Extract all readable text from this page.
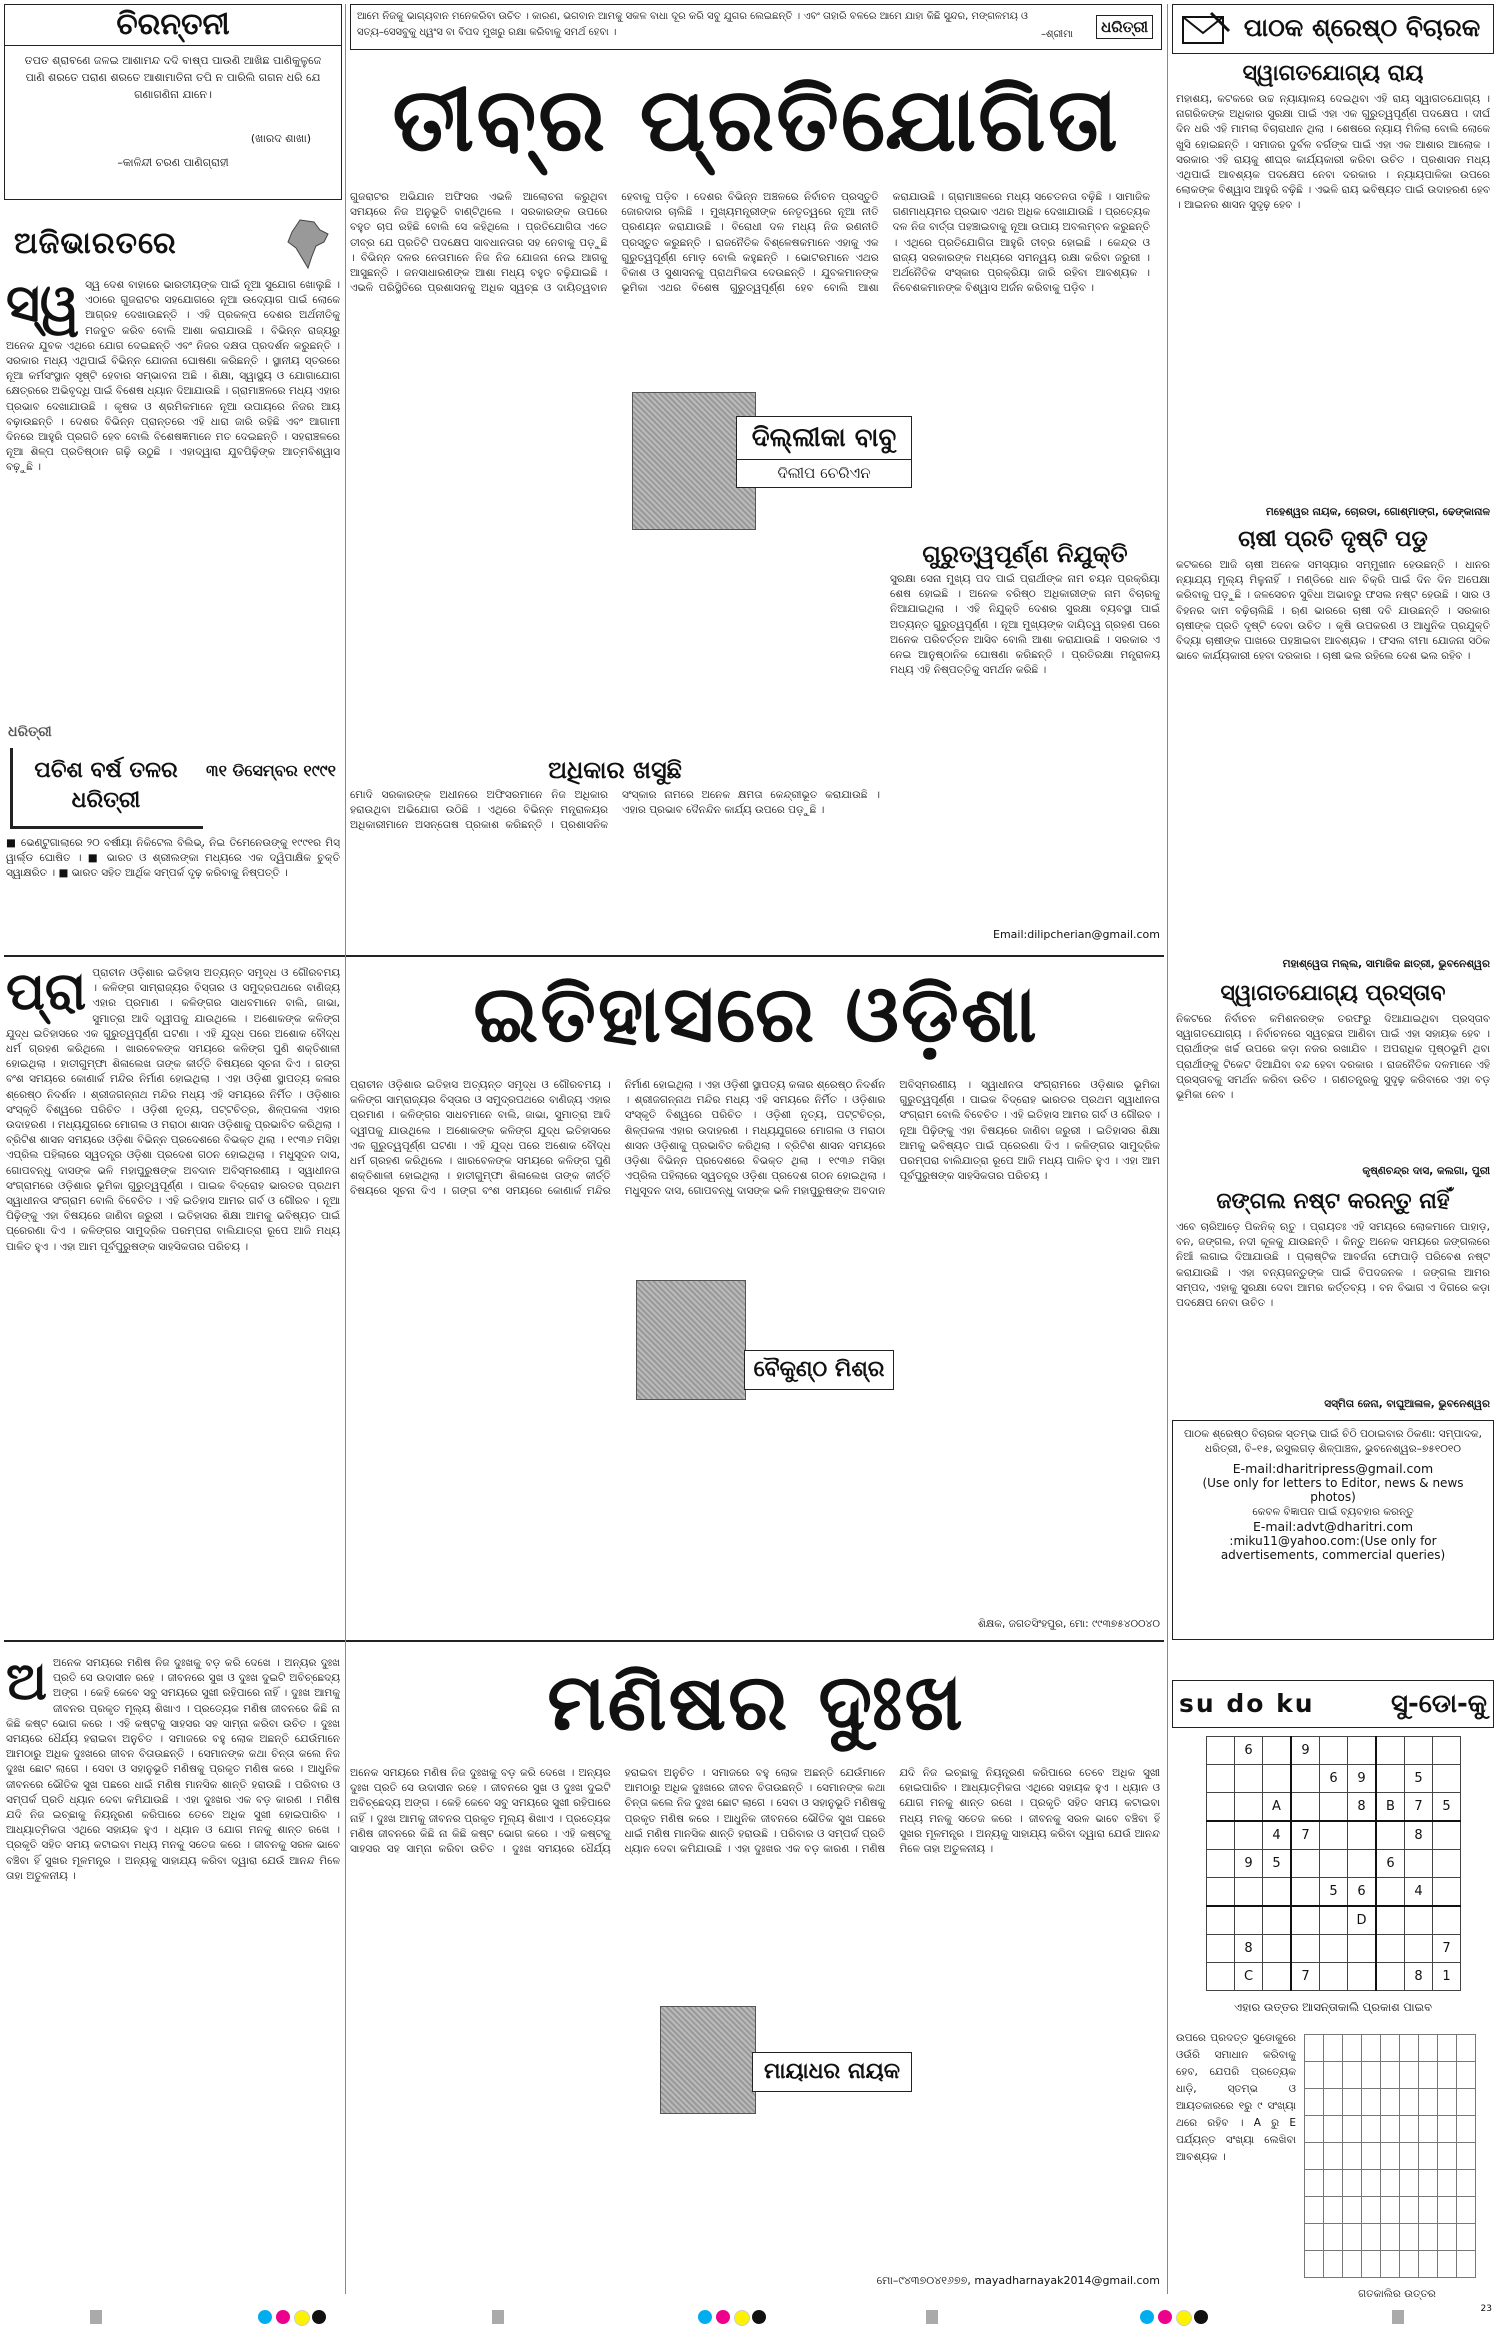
ଚିରନ୍ତନୀ
ତପତ ଶ୍ରାବଣେ ଜଳଇ ଆଶାମନ୍ଦ ଦଦି ବାଷ୍ପ ପାଉଣି ଆଖିଛ ପାଣିକୁଳୁଜେ ପାଣି ଶରତେ ପରାଣ ଶରତେ ଆଶାମାତିନା ତପି ନ ପାରିଲି ଗଗନ ଧରି ଯେ ଗଣାଗଣିନା ଯାନେ।
(ଖାରଦ ଶାଖା)
–କାଳିନ୍ଦୀ ଚରଣ ପାଣିଗ୍ରାହୀ
ଆମେ ନିଜକୁ ଭାଗ୍ୟବାନ ମନେକରିବା ଉଚିତ । କାରଣ, ଭଗବାନ ଆମକୁ ସକଳ ବାଧା ଦୂର କରି ସବୁ ଯୁଗର ଲେଇଛନ୍ତି । ଏବଂ ତାହାରି ବଳରେ ଆମେ ଯାହା କିଛି ସୁନ୍ଦର, ମଙ୍ଗଳମୟ ଓ ସତ୍ୟ–ସେସବୁକୁ ଧ୍ୱଂସ ବା ବିପଦ ମୁଖରୁ ରକ୍ଷା କରିବାକୁ ସମର୍ଥ ହେବା ।	–ଶ୍ରୀମା	ଧରିତ୍ରୀ
ତୀବ୍ର ପ୍ରତିଯୋଗିତା
ପାଠକ ଶ୍ରେଷ୍ଠ ବିଚାରକ
ସ୍ୱାଗତଯୋଗ୍ୟ ରାୟ
ମହାଶୟ, କଟକରେ ଉଚ୍ଚ ନ୍ୟାୟାଳୟ ଦେଇଥିବା ଏହି ରାୟ ସ୍ୱାଗତଯୋଗ୍ୟ । ନାଗରିକଙ୍କ ଅଧିକାର ସୁରକ୍ଷା ପାଇଁ ଏହା ଏକ ଗୁରୁତ୍ୱପୂର୍ଣ୍ଣ ପଦକ୍ଷେପ । ଦୀର୍ଘ ଦିନ ଧରି ଏହି ମାମଲା ବିଚାରାଧୀନ ଥିଲା । ଶେଷରେ ନ୍ୟାୟ ମିଳିଲା ବୋଲି ଲୋକେ ଖୁସି ହୋଇଛନ୍ତି । ସମାଜର ଦୁର୍ବଳ ବର୍ଗଙ୍କ ପାଇଁ ଏହା ଏକ ଆଶାର ଆଲୋକ । ସରକାର ଏହି ରାୟକୁ ଶୀଘ୍ର କାର୍ଯ୍ୟକାରୀ କରିବା ଉଚିତ । ପ୍ରଶାସନ ମଧ୍ୟ ଏଥିପାଇଁ ଆବଶ୍ୟକ ପଦକ୍ଷେପ ନେବା ଦରକାର । ନ୍ୟାୟପାଳିକା ଉପରେ ଲୋକଙ୍କ ବିଶ୍ୱାସ ଆହୁରି ବଢ଼ିଛି । ଏଭଳି ରାୟ ଭବିଷ୍ୟତ ପାଇଁ ଉଦାହରଣ ହେବ । ଆଇନର ଶାସନ ସୁଦୃଢ଼ ହେବ ।
ମହେଶ୍ୱର ନାୟକ, ଚୋରଡା, ଗୋଶ୍ମାଙ୍ଗ, ଢେଙ୍କାନାଳ
ଚାଷୀ ପ୍ରତି ଦୃଷ୍ଟି ପଡୁ
କଟକରେ ଆଜି ଚାଷୀ ଅନେକ ସମସ୍ୟାର ସମ୍ମୁଖୀନ ହେଉଛନ୍ତି । ଧାନର ନ୍ୟାଯ୍ୟ ମୂଲ୍ୟ ମିଳୁନାହିଁ । ମଣ୍ଡିରେ ଧାନ ବିକ୍ରି ପାଇଁ ଦିନ ଦିନ ଅପେକ୍ଷା କରିବାକୁ ପଡ଼ୁଛି । ଜଳସେଚନ ସୁବିଧା ଅଭାବରୁ ଫସଲ ନଷ୍ଟ ହେଉଛି । ସାର ଓ ବିହନର ଦାମ ବଢ଼ିଚାଲିଛି । ଋଣ ଭାରରେ ଚାଷୀ ଦବି ଯାଉଛନ୍ତି । ସରକାର ଚାଷୀଙ୍କ ପ୍ରତି ଦୃଷ୍ଟି ଦେବା ଉଚିତ । କୃଷି ଉପକରଣ ଓ ଆଧୁନିକ ପ୍ରଯୁକ୍ତି ବିଦ୍ୟା ଚାଷୀଙ୍କ ପାଖରେ ପହଞ୍ଚାଇବା ଆବଶ୍ୟକ । ଫସଲ ବୀମା ଯୋଜନା ସଠିକ ଭାବେ କାର୍ଯ୍ୟକାରୀ ହେବା ଦରକାର । ଚାଷୀ ଭଲ ରହିଲେ ଦେଶ ଭଲ ରହିବ ।
ମହାଶ୍ୱେତା ମଲ୍ଲ, ସାମାଜିକ ଛାତ୍ରୀ, ଭୁବନେଶ୍ୱର
ସ୍ୱାଗତଯୋଗ୍ୟ ପ୍ରସ୍ତାବ
ନିକଟରେ ନିର୍ବାଚନ କମିଶନରଙ୍କ ତରଫରୁ ଦିଆଯାଇଥିବା ପ୍ରସ୍ତାବ ସ୍ୱାଗତଯୋଗ୍ୟ । ନିର୍ବାଚନରେ ସ୍ୱଚ୍ଛତା ଆଣିବା ପାଇଁ ଏହା ସହାୟକ ହେବ । ପ୍ରାର୍ଥୀଙ୍କ ଖର୍ଚ୍ଚ ଉପରେ କଡ଼ା ନଜର ରଖାଯିବ । ଅପରାଧିକ ପୃଷ୍ଠଭୂମି ଥିବା ପ୍ରାର୍ଥୀଙ୍କୁ ଟିକେଟ ଦିଆଯିବା ବନ୍ଦ ହେବା ଦରକାର । ରାଜନୈତିକ ଦଳମାନେ ଏହି ପ୍ରସ୍ତାବକୁ ସମର୍ଥନ କରିବା ଉଚିତ । ଗଣତନ୍ତ୍ରକୁ ସୁଦୃଢ଼ କରିବାରେ ଏହା ବଡ଼ ଭୂମିକା ନେବ ।
କୃଷ୍ଣଚନ୍ଦ୍ର ଦାସ, କଲଗା, ପୁରୀ
ଜଙ୍ଗଲ ନଷ୍ଟ କରନ୍ତୁ ନାହିଁ
ଏବେ ଚାରିଆଡ଼େ ପିକନିକ୍ ଋତୁ । ପ୍ରାୟତଃ ଏହି ସମୟରେ ଲୋକମାନେ ପାହାଡ଼, ବନ, ଜଙ୍ଗଲ, ନଦୀ କୂଳକୁ ଯାଉଛନ୍ତି । କିନ୍ତୁ ଅନେକ ସମୟରେ ଜଙ୍ଗଲରେ ନିଆଁ ଲଗାଇ ଦିଆଯାଉଛି । ପ୍ଲାଷ୍ଟିକ ଆବର୍ଜନା ଫୋପାଡ଼ି ପରିବେଶ ନଷ୍ଟ କରାଯାଉଛି । ଏହା ବନ୍ୟଜନ୍ତୁଙ୍କ ପାଇଁ ବିପଦଜନକ । ଜଙ୍ଗଲ ଆମର ସମ୍ପଦ, ଏହାକୁ ସୁରକ୍ଷା ଦେବା ଆମର କର୍ତ୍ତବ୍ୟ । ବନ ବିଭାଗ ଏ ଦିଗରେ କଡ଼ା ପଦକ୍ଷେପ ନେବା ଉଚିତ ।
ସସ୍ମିତା ଜେନା, ବାଘୁଆଳାଳ, ଭୁବନେଶ୍ୱର
ପାଠକ ଶ୍ରେଷ୍ଠ ବିଚାରକ ସ୍ତମ୍ଭ ପାଇଁ ଚିଠି ପଠାଇବାର ଠିକଣା: ସମ୍ପାଦକ, ଧରିତ୍ରୀ, ବି–୧୫, ରସୁଲଗଡ଼ ଶିଳ୍ପାଞ୍ଚଳ, ଭୁବନେଶ୍ୱର–୭୫୧୦୧୦
E-mail:dharitripress@gmail.com
(Use only for letters to Editor, news & news photos)
କେବଳ ବିଜ୍ଞାପନ ପାଇଁ ବ୍ୟବହାର କରନ୍ତୁ
E-mail:advt@dharitri.com
:miku11@yahoo.com:(Use only for advertisements, commercial queries)
ଅଜିଭାରତରେ
ସ୍ୱ ସ୍ୱ ଦେଶ ବାହାରେ ଭାରତୀୟଙ୍କ ପାଇଁ ନୂଆ ସୁଯୋଗ ଖୋଲୁଛି । ଏଠାରେ ଗୁଜରାଟର ସହଯୋଗରେ ନୂଆ ଉଦ୍ୟୋଗ ପାଇଁ ଲୋକେ ଆଗ୍ରହ ଦେଖାଉଛନ୍ତି । ଏହି ପ୍ରକଳ୍ପ ଦେଶର ଅର୍ଥନୀତିକୁ ମଜବୁତ କରିବ ବୋଲି ଆଶା କରାଯାଉଛି । ବିଭିନ୍ନ ରାଜ୍ୟରୁ ଅନେକ ଯୁବକ ଏଥିରେ ଯୋଗ ଦେଇଛନ୍ତି ଏବଂ ନିଜର ଦକ୍ଷତା ପ୍ରଦର୍ଶନ କରୁଛନ୍ତି । ସରକାର ମଧ୍ୟ ଏଥିପାଇଁ ବିଭିନ୍ନ ଯୋଜନା ଘୋଷଣା କରିଛନ୍ତି । ସ୍ଥାନୀୟ ସ୍ତରରେ ନୂଆ କର୍ମସଂସ୍ଥାନ ସୃଷ୍ଟି ହେବାର ସମ୍ଭାବନା ଅଛି । ଶିକ୍ଷା, ସ୍ୱାସ୍ଥ୍ୟ ଓ ଯୋଗାଯୋଗ କ୍ଷେତ୍ରରେ ଅଭିବୃଦ୍ଧି ପାଇଁ ବିଶେଷ ଧ୍ୟାନ ଦିଆଯାଉଛି । ଗ୍ରାମାଞ୍ଚଳରେ ମଧ୍ୟ ଏହାର ପ୍ରଭାବ ଦେଖାଯାଉଛି । କୃଷକ ଓ ଶ୍ରମିକମାନେ ନୂଆ ଉପାୟରେ ନିଜର ଆୟ ବଢ଼ାଉଛନ୍ତି । ଦେଶର ବିଭିନ୍ନ ପ୍ରାନ୍ତରେ ଏହି ଧାରା ଜାରି ରହିଛି ଏବଂ ଆଗାମୀ ଦିନରେ ଆହୁରି ପ୍ରଗତି ହେବ ବୋଲି ବିଶେଷଜ୍ଞମାନେ ମତ ଦେଇଛନ୍ତି । ସହରାଞ୍ଚଳରେ ନୂଆ ଶିଳ୍ପ ପ୍ରତିଷ୍ଠାନ ଗଢ଼ି ଉଠୁଛି । ଏହାଦ୍ୱାରା ଯୁବପିଢ଼ିଙ୍କ ଆତ୍ମବିଶ୍ୱାସ ବଢ଼ୁଛି ।
ଧରିତ୍ରୀ
ପଚିଶ ବର୍ଷ ତଳର ଧରିତ୍ରୀ
୩୧ ଡିସେମ୍ବର ୧୯୯୧
■ ଭେଣ୍ଟୁଗାଲାରେ ୨୦ ବର୍ଷୀୟା ନିକିଟେଲ ବିଲିଭ୍, ନିଇ ତିମେନେଉଙ୍କୁ ୧୯୯୧ର ମିସ୍ ୱାର୍ଲ୍ଡ ଘୋଷିତ । ■ ଭାରତ ଓ ଶ୍ରୀଲଙ୍କା ମଧ୍ୟରେ ଏକ ଦ୍ୱିପାକ୍ଷିକ ଚୁକ୍ତି ସ୍ୱାକ୍ଷରିତ । ■ ଭାରତ ସହିତ ଆର୍ଥିକ ସମ୍ପର୍କ ଦୃଢ଼ କରିବାକୁ ନିଷ୍ପତ୍ତି ।
ଗୁଜରାଟର ଅଭିଯାନ ଅଫିସର ଏଭଳି ଆଲୋଚନା କରୁଥିବା ସମୟରେ ନିଜ ଅନୁଭୂତି ବାଣ୍ଟିଥିଲେ । ସରକାରଙ୍କ ଉପରେ ବହୁତ ଚାପ ରହିଛି ବୋଲି ସେ କହିଥିଲେ । ପ୍ରତିଯୋଗିତା ଏତେ ତୀବ୍ର ଯେ ପ୍ରତିଟି ପଦକ୍ଷେପ ସାବଧାନତାର ସହ ନେବାକୁ ପଡ଼ୁଛି । ବିଭିନ୍ନ ଦଳର ନେତାମାନେ ନିଜ ନିଜ ଯୋଜନା ନେଇ ଆଗକୁ ଆସୁଛନ୍ତି । ଜନସାଧାରଣଙ୍କ ଆଶା ମଧ୍ୟ ବହୁତ ବଢ଼ିଯାଇଛି । ଏଭଳି ପରିସ୍ଥିତିରେ ପ୍ରଶାସନକୁ ଅଧିକ ସ୍ୱଚ୍ଛ ଓ ଦାୟିତ୍ୱବାନ ହେବାକୁ ପଡ଼ିବ । ଦେଶର ବିଭିନ୍ନ ଅଞ୍ଚଳରେ ନିର୍ବାଚନ ପ୍ରସ୍ତୁତି ଜୋରଦାର ଚାଲିଛି । ମୁଖ୍ୟମନ୍ତ୍ରୀଙ୍କ ନେତୃତ୍ୱରେ ନୂଆ ନୀତି ପ୍ରଣୟନ କରାଯାଉଛି । ବିରୋଧୀ ଦଳ ମଧ୍ୟ ନିଜ ରଣନୀତି ପ୍ରସ୍ତୁତ କରୁଛନ୍ତି । ରାଜନୈତିକ ବିଶ୍ଳେଷକମାନେ ଏହାକୁ ଏକ ଗୁରୁତ୍ୱପୂର୍ଣ୍ଣ ମୋଡ଼ ବୋଲି କହୁଛନ୍ତି । ଭୋଟରମାନେ ଏଥର ବିକାଶ ଓ ସୁଶାସନକୁ ପ୍ରାଥମିକତା ଦେଉଛନ୍ତି । ଯୁବକମାନଙ୍କ ଭୂମିକା ଏଥର ବିଶେଷ ଗୁରୁତ୍ୱପୂର୍ଣ୍ଣ ହେବ ବୋଲି ଆଶା କରାଯାଉଛି । ଗ୍ରାମାଞ୍ଚଳରେ ମଧ୍ୟ ସଚେତନତା ବଢ଼ିଛି । ସାମାଜିକ ଗଣମାଧ୍ୟମର ପ୍ରଭାବ ଏଥର ଅଧିକ ଦେଖାଯାଉଛି । ପ୍ରତ୍ୟେକ ଦଳ ନିଜ ବାର୍ତ୍ତା ପହଞ୍ଚାଇବାକୁ ନୂଆ ଉପାୟ ଅବଲମ୍ବନ କରୁଛନ୍ତି । ଏଥିରେ ପ୍ରତିଯୋଗିତା ଆହୁରି ତୀବ୍ର ହୋଇଛି । କେନ୍ଦ୍ର ଓ ରାଜ୍ୟ ସରକାରଙ୍କ ମଧ୍ୟରେ ସମନ୍ୱୟ ରକ୍ଷା କରିବା ଜରୁରୀ । ଅର୍ଥନୈତିକ ସଂସ୍କାର ପ୍ରକ୍ରିୟା ଜାରି ରହିବା ଆବଶ୍ୟକ । ନିବେଶକମାନଙ୍କ ବିଶ୍ୱାସ ଅର୍ଜନ କରିବାକୁ ପଡ଼ିବ ।
ଦିଲ୍ଲୀକା ବାବୁ
ଦିଲୀପ ଚେରିଏନ
ଗୁରୁତ୍ୱପୂର୍ଣ୍ଣ ନିଯୁକ୍ତି
ସୁରକ୍ଷା ସେନା ମୁଖ୍ୟ ପଦ ପାଇଁ ପ୍ରାର୍ଥୀଙ୍କ ନାମ ଚୟନ ପ୍ରକ୍ରିୟା ଶେଷ ହୋଇଛି । ଅନେକ ବରିଷ୍ଠ ଅଧିକାରୀଙ୍କ ନାମ ବିଚାରକୁ ନିଆଯାଇଥିଲା । ଏହି ନିଯୁକ୍ତି ଦେଶର ସୁରକ୍ଷା ବ୍ୟବସ୍ଥା ପାଇଁ ଅତ୍ୟନ୍ତ ଗୁରୁତ୍ୱପୂର୍ଣ୍ଣ । ନୂଆ ମୁଖ୍ୟଙ୍କ ଦାୟିତ୍ୱ ଗ୍ରହଣ ପରେ ଅନେକ ପରିବର୍ତ୍ତନ ଆସିବ ବୋଲି ଆଶା କରାଯାଉଛି । ସରକାର ଏ ନେଇ ଆନୁଷ୍ଠାନିକ ଘୋଷଣା କରିଛନ୍ତି । ପ୍ରତିରକ୍ଷା ମନ୍ତ୍ରାଳୟ ମଧ୍ୟ ଏହି ନିଷ୍ପତ୍ତିକୁ ସମର୍ଥନ କରିଛି ।
ଅଧିକାର ଖସୁଛି
ମୋଦି ସରକାରଙ୍କ ଅଧୀନରେ ଅଫିସରମାନେ ନିଜ ଅଧିକାର ହରାଉଥିବା ଅଭିଯୋଗ ଉଠିଛି । ଏଥିରେ ବିଭିନ୍ନ ମନ୍ତ୍ରାଳୟର ଅଧିକାରୀମାନେ ଅସନ୍ତୋଷ ପ୍ରକାଶ କରିଛନ୍ତି । ପ୍ରଶାସନିକ ସଂସ୍କାର ନାମରେ ଅନେକ କ୍ଷମତା କେନ୍ଦ୍ରୀଭୂତ କରାଯାଉଛି । ଏହାର ପ୍ରଭାବ ଦୈନନ୍ଦିନ କାର୍ଯ୍ୟ ଉପରେ ପଡ଼ୁଛି ।
Email:dilipcherian@gmail.com
ଇତିହାସରେ ଓଡ଼ିଶା
ପ୍ରା ପ୍ରାଚୀନ ଓଡ଼ିଶାର ଇତିହାସ ଅତ୍ୟନ୍ତ ସମୃଦ୍ଧ ଓ ଗୌରବମୟ । କଳିଙ୍ଗ ସାମ୍ରାଜ୍ୟର ବିସ୍ତାର ଓ ସମୁଦ୍ରପଥରେ ବାଣିଜ୍ୟ ଏହାର ପ୍ରମାଣ । କଳିଙ୍ଗର ସାଧବମାନେ ବାଲି, ଜାଭା, ସୁମାତ୍ରା ଆଦି ଦ୍ୱୀପକୁ ଯାଉଥିଲେ । ଅଶୋକଙ୍କ କଳିଙ୍ଗ ଯୁଦ୍ଧ ଇତିହାସରେ ଏକ ଗୁରୁତ୍ୱପୂର୍ଣ୍ଣ ଘଟଣା । ଏହି ଯୁଦ୍ଧ ପରେ ଅଶୋକ ବୌଦ୍ଧ ଧର୍ମ ଗ୍ରହଣ କରିଥିଲେ । ଖାରବେଳଙ୍କ ସମୟରେ କଳିଙ୍ଗ ପୁଣି ଶକ୍ତିଶାଳୀ ହୋଇଥିଲା । ହାତୀଗୁମ୍ଫା ଶିଳାଲେଖ ତାଙ୍କ କୀର୍ତ୍ତି ବିଷୟରେ ସୂଚନା ଦିଏ । ଗଙ୍ଗ ବଂଶ ସମୟରେ କୋଣାର୍କ ମନ୍ଦିର ନିର୍ମାଣ ହୋଇଥିଲା । ଏହା ଓଡ଼ିଶୀ ସ୍ଥାପତ୍ୟ କଳାର ଶ୍ରେଷ୍ଠ ନିଦର୍ଶନ । ଶ୍ରୀଜଗନ୍ନାଥ ମନ୍ଦିର ମଧ୍ୟ ଏହି ସମୟରେ ନିର୍ମିତ । ଓଡ଼ିଶାର ସଂସ୍କୃତି ବିଶ୍ୱରେ ପରିଚିତ । ଓଡ଼ିଶୀ ନୃତ୍ୟ, ପଟ୍ଟଚିତ୍ର, ଶିଳ୍ପକଳା ଏହାର ଉଦାହରଣ । ମଧ୍ୟଯୁଗରେ ମୋଗଲ ଓ ମରାଠା ଶାସନ ଓଡ଼ିଶାକୁ ପ୍ରଭାବିତ କରିଥିଲା । ବ୍ରିଟିଶ ଶାସନ ସମୟରେ ଓଡ଼ିଶା ବିଭିନ୍ନ ପ୍ରଦେଶରେ ବିଭକ୍ତ ଥିଲା । ୧୯୩୬ ମସିହା ଏପ୍ରିଲ ପହିଲାରେ ସ୍ୱତନ୍ତ୍ର ଓଡ଼ିଶା ପ୍ରଦେଶ ଗଠନ ହୋଇଥିଲା । ମଧୁସୂଦନ ଦାସ, ଗୋପବନ୍ଧୁ ଦାସଙ୍କ ଭଳି ମହାପୁରୁଷଙ୍କ ଅବଦାନ ଅବିସ୍ମରଣୀୟ । ସ୍ୱାଧୀନତା ସଂଗ୍ରାମରେ ଓଡ଼ିଶାର ଭୂମିକା ଗୁରୁତ୍ୱପୂର୍ଣ୍ଣ । ପାଇକ ବିଦ୍ରୋହ ଭାରତର ପ୍ରଥମ ସ୍ୱାଧୀନତା ସଂଗ୍ରାମ ବୋଲି ବିବେଚିତ । ଏହି ଇତିହାସ ଆମର ଗର୍ବ ଓ ଗୌରବ । ନୂଆ ପିଢ଼ିଙ୍କୁ ଏହା ବିଷୟରେ ଜାଣିବା ଜରୁରୀ । ଇତିହାସର ଶିକ୍ଷା ଆମକୁ ଭବିଷ୍ୟତ ପାଇଁ ପ୍ରେରଣା ଦିଏ । କଳିଙ୍ଗର ସାମୁଦ୍ରିକ ପରମ୍ପରା ବାଲିଯାତ୍ରା ରୂପେ ଆଜି ମଧ୍ୟ ପାଳିତ ହୁଏ । ଏହା ଆମ ପୂର୍ବପୁରୁଷଙ୍କ ସାହସିକତାର ପରିଚୟ ।
ପ୍ରାଚୀନ ଓଡ଼ିଶାର ଇତିହାସ ଅତ୍ୟନ୍ତ ସମୃଦ୍ଧ ଓ ଗୌରବମୟ । କଳିଙ୍ଗ ସାମ୍ରାଜ୍ୟର ବିସ୍ତାର ଓ ସମୁଦ୍ରପଥରେ ବାଣିଜ୍ୟ ଏହାର ପ୍ରମାଣ । କଳିଙ୍ଗର ସାଧବମାନେ ବାଲି, ଜାଭା, ସୁମାତ୍ରା ଆଦି ଦ୍ୱୀପକୁ ଯାଉଥିଲେ । ଅଶୋକଙ୍କ କଳିଙ୍ଗ ଯୁଦ୍ଧ ଇତିହାସରେ ଏକ ଗୁରୁତ୍ୱପୂର୍ଣ୍ଣ ଘଟଣା । ଏହି ଯୁଦ୍ଧ ପରେ ଅଶୋକ ବୌଦ୍ଧ ଧର୍ମ ଗ୍ରହଣ କରିଥିଲେ । ଖାରବେଳଙ୍କ ସମୟରେ କଳିଙ୍ଗ ପୁଣି ଶକ୍ତିଶାଳୀ ହୋଇଥିଲା । ହାତୀଗୁମ୍ଫା ଶିଳାଲେଖ ତାଙ୍କ କୀର୍ତ୍ତି ବିଷୟରେ ସୂଚନା ଦିଏ । ଗଙ୍ଗ ବଂଶ ସମୟରେ କୋଣାର୍କ ମନ୍ଦିର ନିର୍ମାଣ ହୋଇଥିଲା । ଏହା ଓଡ଼ିଶୀ ସ୍ଥାପତ୍ୟ କଳାର ଶ୍ରେଷ୍ଠ ନିଦର୍ଶନ । ଶ୍ରୀଜଗନ୍ନାଥ ମନ୍ଦିର ମଧ୍ୟ ଏହି ସମୟରେ ନିର୍ମିତ । ଓଡ଼ିଶାର ସଂସ୍କୃତି ବିଶ୍ୱରେ ପରିଚିତ । ଓଡ଼ିଶୀ ନୃତ୍ୟ, ପଟ୍ଟଚିତ୍ର, ଶିଳ୍ପକଳା ଏହାର ଉଦାହରଣ । ମଧ୍ୟଯୁଗରେ ମୋଗଲ ଓ ମରାଠା ଶାସନ ଓଡ଼ିଶାକୁ ପ୍ରଭାବିତ କରିଥିଲା । ବ୍ରିଟିଶ ଶାସନ ସମୟରେ ଓଡ଼ିଶା ବିଭିନ୍ନ ପ୍ରଦେଶରେ ବିଭକ୍ତ ଥିଲା । ୧୯୩୬ ମସିହା ଏପ୍ରିଲ ପହିଲାରେ ସ୍ୱତନ୍ତ୍ର ଓଡ଼ିଶା ପ୍ରଦେଶ ଗଠନ ହୋଇଥିଲା । ମଧୁସୂଦନ ଦାସ, ଗୋପବନ୍ଧୁ ଦାସଙ୍କ ଭଳି ମହାପୁରୁଷଙ୍କ ଅବଦାନ ଅବିସ୍ମରଣୀୟ । ସ୍ୱାଧୀନତା ସଂଗ୍ରାମରେ ଓଡ଼ିଶାର ଭୂମିକା ଗୁରୁତ୍ୱପୂର୍ଣ୍ଣ । ପାଇକ ବିଦ୍ରୋହ ଭାରତର ପ୍ରଥମ ସ୍ୱାଧୀନତା ସଂଗ୍ରାମ ବୋଲି ବିବେଚିତ । ଏହି ଇତିହାସ ଆମର ଗର୍ବ ଓ ଗୌରବ । ନୂଆ ପିଢ଼ିଙ୍କୁ ଏହା ବିଷୟରେ ଜାଣିବା ଜରୁରୀ । ଇତିହାସର ଶିକ୍ଷା ଆମକୁ ଭବିଷ୍ୟତ ପାଇଁ ପ୍ରେରଣା ଦିଏ । କଳିଙ୍ଗର ସାମୁଦ୍ରିକ ପରମ୍ପରା ବାଲିଯାତ୍ରା ରୂପେ ଆଜି ମଧ୍ୟ ପାଳିତ ହୁଏ । ଏହା ଆମ ପୂର୍ବପୁରୁଷଙ୍କ ସାହସିକତାର ପରିଚୟ ।
ବୈକୁଣ୍ଠ ମିଶ୍ର
ଶିକ୍ଷକ, ଜଗତସିଂହପୁର, ମୋ: ୯୯୩୭୫୪୦୦୪୦
su do ku	ସୁ-ଡୋ-କୁ
	6		9					
				6	9		5	
		A			8	B	7	5
		4	7				8	
	9	5				6		
				5	6		4	
					D			
	8							7
	C		7				8	1
ଏହାର ଉତ୍ତର ଆସନ୍ତାକାଲି ପ୍ରକାଶ ପାଇବ
ଉପରେ ପ୍ରଦତ୍ତ ସୁଡୋକୁରେ ଓଉଁରି ସମାଧାନ କରିବାକୁ ହେବ, ଯେପରି ପ୍ରତ୍ୟେକ ଧାଡ଼ି, ସ୍ତମ୍ଭ ଓ ଆୟତକାରରେ ୧ରୁ ୯ ସଂଖ୍ୟା ଥରେ ରହିବ । A ରୁ E ପର୍ଯ୍ୟନ୍ତ ସଂଖ୍ୟା ଲେଖିବା ଆବଶ୍ୟକ ।

ଗତକାଲିର ଉତ୍ତର
ମଣିଷର ଦୁଃଖ
ଅଅନେକ ସମୟରେ ମଣିଷ ନିଜ ଦୁଃଖକୁ ବଡ଼ କରି ଦେଖେ । ଅନ୍ୟର ଦୁଃଖ ପ୍ରତି ସେ ଉଦାସୀନ ରହେ । ଜୀବନରେ ସୁଖ ଓ ଦୁଃଖ ଦୁଇଟି ଅବିଚ୍ଛେଦ୍ୟ ଅଙ୍ଗ । କେହି କେବେ ସବୁ ସମୟରେ ସୁଖୀ ରହିପାରେ ନାହିଁ । ଦୁଃଖ ଆମକୁ ଜୀବନର ପ୍ରକୃତ ମୂଲ୍ୟ ଶିଖାଏ । ପ୍ରତ୍ୟେକ ମଣିଷ ଜୀବନରେ କିଛି ନା କିଛି କଷ୍ଟ ଭୋଗ କରେ । ଏହି କଷ୍ଟକୁ ସାହସର ସହ ସାମ୍ନା କରିବା ଉଚିତ । ଦୁଃଖ ସମୟରେ ଧୈର୍ଯ୍ୟ ହରାଇବା ଅନୁଚିତ । ସମାଜରେ ବହୁ ଲୋକ ଅଛନ୍ତି ଯେଉଁମାନେ ଆମଠାରୁ ଅଧିକ ଦୁଃଖରେ ଜୀବନ ବିତାଉଛନ୍ତି । ସେମାନଙ୍କ କଥା ଚିନ୍ତା କଲେ ନିଜ ଦୁଃଖ ଛୋଟ ଲାଗେ । ସେବା ଓ ସହାନୁଭୂତି ମଣିଷକୁ ପ୍ରକୃତ ମଣିଷ କରେ । ଆଧୁନିକ ଜୀବନରେ ଭୌତିକ ସୁଖ ପଛରେ ଧାଇଁ ମଣିଷ ମାନସିକ ଶାନ୍ତି ହରାଉଛି । ପରିବାର ଓ ସମ୍ପର୍କ ପ୍ରତି ଧ୍ୟାନ ଦେବା କମିଯାଉଛି । ଏହା ଦୁଃଖର ଏକ ବଡ଼ କାରଣ । ମଣିଷ ଯଦି ନିଜ ଇଚ୍ଛାକୁ ନିୟନ୍ତ୍ରଣ କରିପାରେ ତେବେ ଅଧିକ ସୁଖୀ ହୋଇପାରିବ । ଆଧ୍ୟାତ୍ମିକତା ଏଥିରେ ସହାୟକ ହୁଏ । ଧ୍ୟାନ ଓ ଯୋଗ ମନକୁ ଶାନ୍ତ ରଖେ । ପ୍ରକୃତି ସହିତ ସମୟ କଟାଇବା ମଧ୍ୟ ମନକୁ ସତେଜ କରେ । ଜୀବନକୁ ସରଳ ଭାବେ ବଞ୍ଚିବା ହିଁ ସୁଖର ମୂଳମନ୍ତ୍ର । ଅନ୍ୟକୁ ସାହାଯ୍ୟ କରିବା ଦ୍ୱାରା ଯେଉଁ ଆନନ୍ଦ ମିଳେ ତାହା ଅତୁଳନୀୟ ।
ଅନେକ ସମୟରେ ମଣିଷ ନିଜ ଦୁଃଖକୁ ବଡ଼ କରି ଦେଖେ । ଅନ୍ୟର ଦୁଃଖ ପ୍ରତି ସେ ଉଦାସୀନ ରହେ । ଜୀବନରେ ସୁଖ ଓ ଦୁଃଖ ଦୁଇଟି ଅବିଚ୍ଛେଦ୍ୟ ଅଙ୍ଗ । କେହି କେବେ ସବୁ ସମୟରେ ସୁଖୀ ରହିପାରେ ନାହିଁ । ଦୁଃଖ ଆମକୁ ଜୀବନର ପ୍ରକୃତ ମୂଲ୍ୟ ଶିଖାଏ । ପ୍ରତ୍ୟେକ ମଣିଷ ଜୀବନରେ କିଛି ନା କିଛି କଷ୍ଟ ଭୋଗ କରେ । ଏହି କଷ୍ଟକୁ ସାହସର ସହ ସାମ୍ନା କରିବା ଉଚିତ । ଦୁଃଖ ସମୟରେ ଧୈର୍ଯ୍ୟ ହରାଇବା ଅନୁଚିତ । ସମାଜରେ ବହୁ ଲୋକ ଅଛନ୍ତି ଯେଉଁମାନେ ଆମଠାରୁ ଅଧିକ ଦୁଃଖରେ ଜୀବନ ବିତାଉଛନ୍ତି । ସେମାନଙ୍କ କଥା ଚିନ୍ତା କଲେ ନିଜ ଦୁଃଖ ଛୋଟ ଲାଗେ । ସେବା ଓ ସହାନୁଭୂତି ମଣିଷକୁ ପ୍ରକୃତ ମଣିଷ କରେ । ଆଧୁନିକ ଜୀବନରେ ଭୌତିକ ସୁଖ ପଛରେ ଧାଇଁ ମଣିଷ ମାନସିକ ଶାନ୍ତି ହରାଉଛି । ପରିବାର ଓ ସମ୍ପର୍କ ପ୍ରତି ଧ୍ୟାନ ଦେବା କମିଯାଉଛି । ଏହା ଦୁଃଖର ଏକ ବଡ଼ କାରଣ । ମଣିଷ ଯଦି ନିଜ ଇଚ୍ଛାକୁ ନିୟନ୍ତ୍ରଣ କରିପାରେ ତେବେ ଅଧିକ ସୁଖୀ ହୋଇପାରିବ । ଆଧ୍ୟାତ୍ମିକତା ଏଥିରେ ସହାୟକ ହୁଏ । ଧ୍ୟାନ ଓ ଯୋଗ ମନକୁ ଶାନ୍ତ ରଖେ । ପ୍ରକୃତି ସହିତ ସମୟ କଟାଇବା ମଧ୍ୟ ମନକୁ ସତେଜ କରେ । ଜୀବନକୁ ସରଳ ଭାବେ ବଞ୍ଚିବା ହିଁ ସୁଖର ମୂଳମନ୍ତ୍ର । ଅନ୍ୟକୁ ସାହାଯ୍ୟ କରିବା ଦ୍ୱାରା ଯେଉଁ ଆନନ୍ଦ ମିଳେ ତାହା ଅତୁଳନୀୟ ।
ମାୟାଧର ନାୟକ
ମୋ–୯୪୩୭୦୪୧୬୭୭, mayadharnayak2014@gmail.com
23
